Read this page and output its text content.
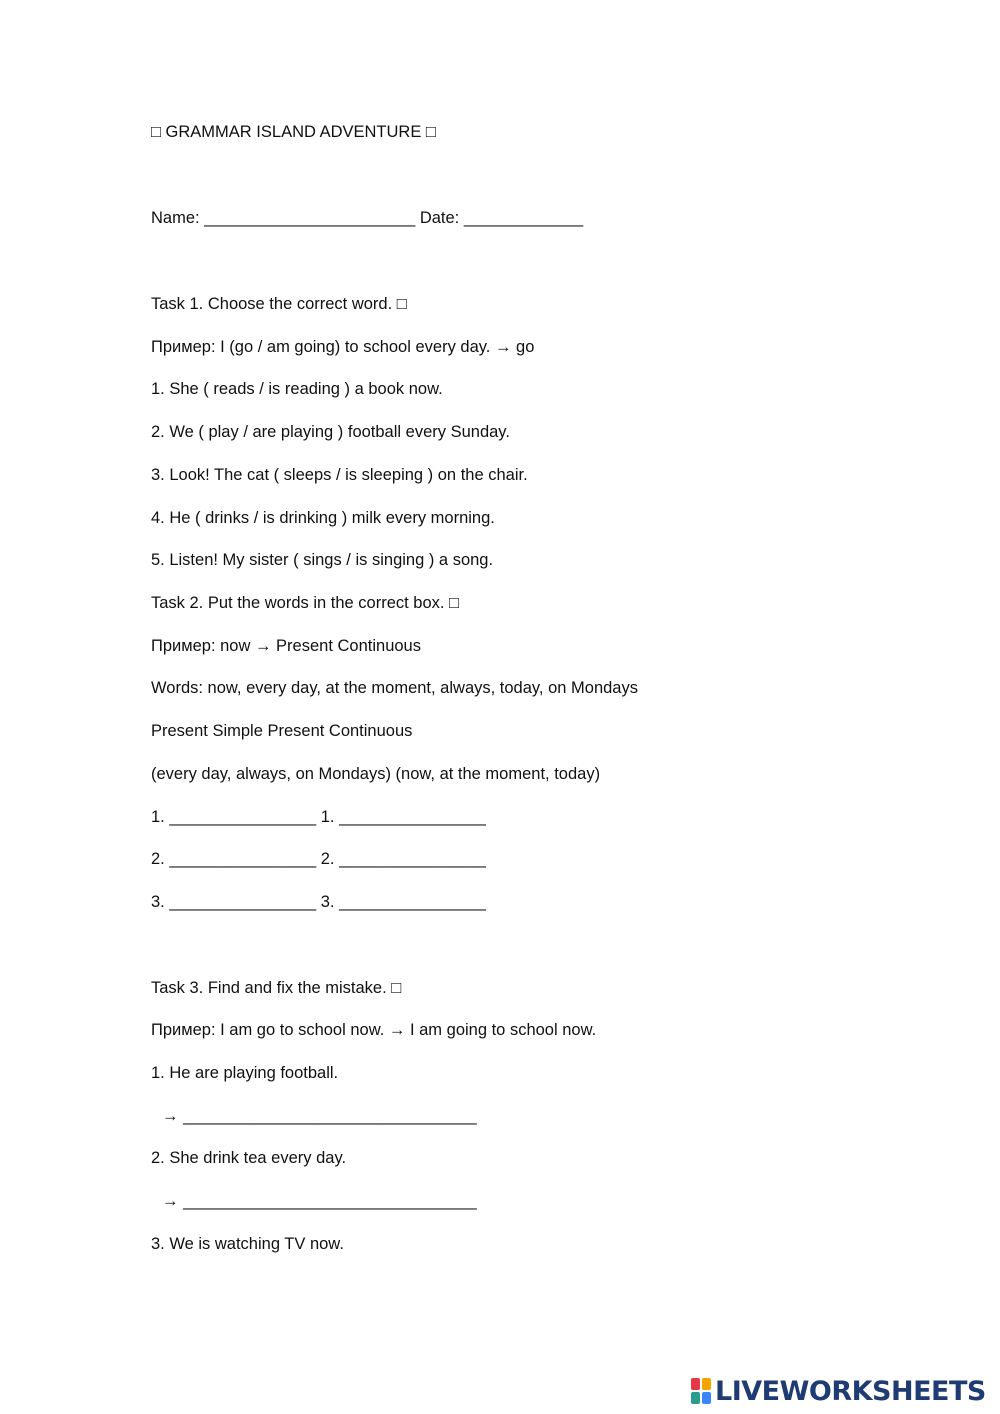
□ GRAMMAR ISLAND ADVENTURE □
Name: _______________________ Date: _____________
Task 1. Choose the correct word. □
Пример: I (go / am going) to school every day. → go
1. She ( reads / is reading ) a book now.
2. We ( play / are playing ) football every Sunday.
3. Look! The cat ( sleeps / is sleeping ) on the chair.
4. He ( drinks / is drinking ) milk every morning.
5. Listen! My sister ( sings / is singing ) a song.
Task 2. Put the words in the correct box. □
Пример: now → Present Continuous
Words: now, every day, at the moment, always, today, on Mondays
Present Simple Present Continuous
(every day, always, on Mondays) (now, at the moment, today)
1. ________________ 1. ________________
2. ________________ 2. ________________
3. ________________ 3. ________________
Task 3. Find and fix the mistake. □
Пример: I am go to school now. → I am going to school now.
1. He are playing football.
→ ________________________________
2. She drink tea every day.
→ ________________________________
3. We is watching TV now.
LIVEWORKSHEETS
